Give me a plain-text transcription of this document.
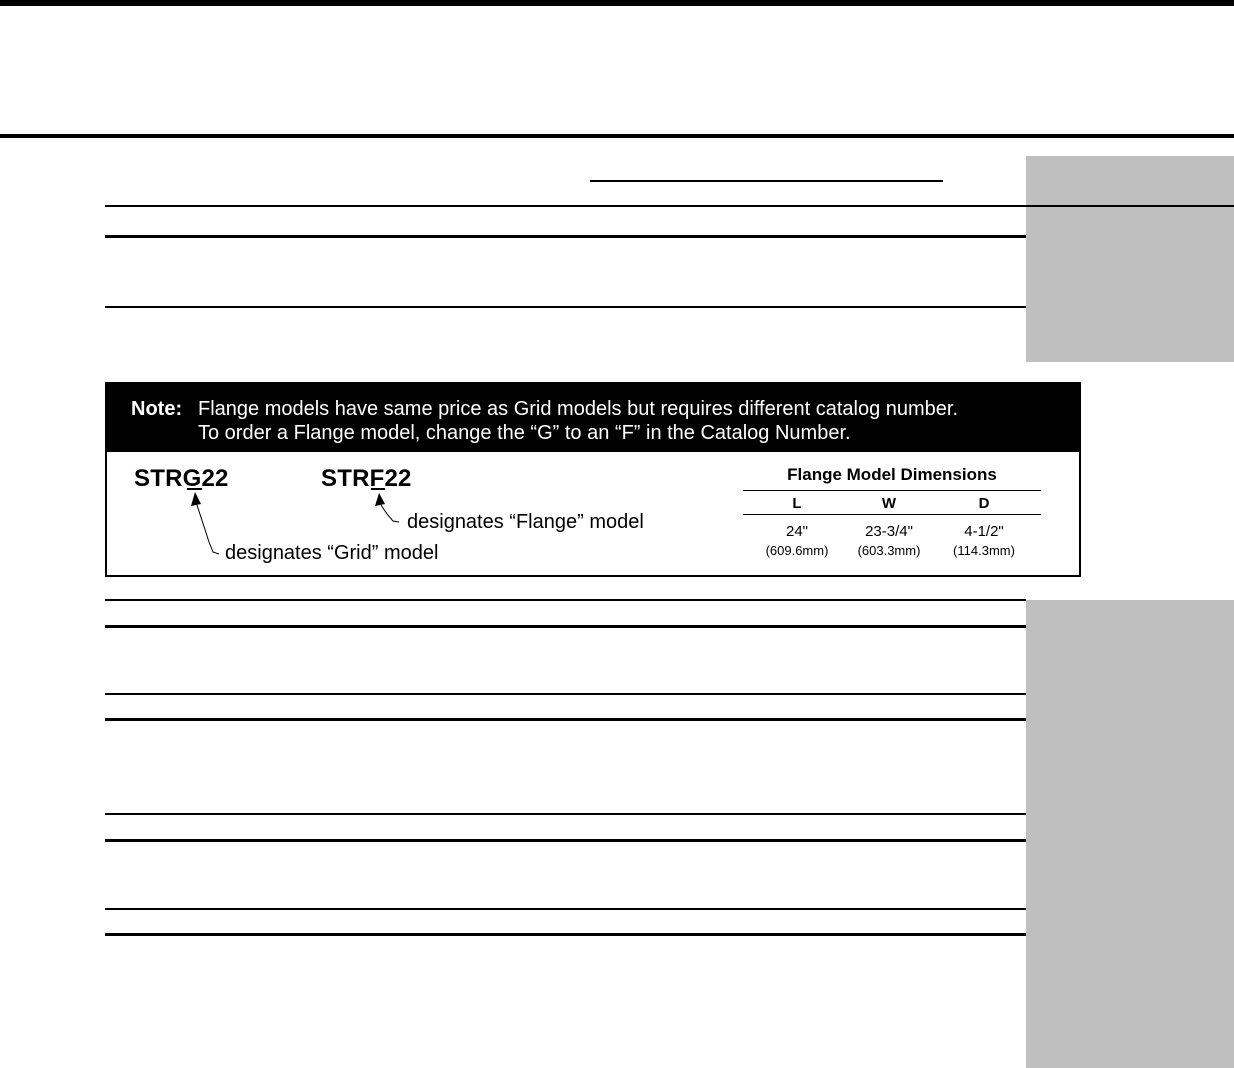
Note: Flange models have same price as Grid models but requires different catalog number.
To order a Flange model, change the “G” to an “F” in the Catalog Number.
STRG22	STRF22
designates “Flange” model
designates “Grid” model
Flange Model Dimensions
L	W	D
24"	23-3/4"	4-1/2"
(609.6mm)	(603.3mm)	(114.3mm)
